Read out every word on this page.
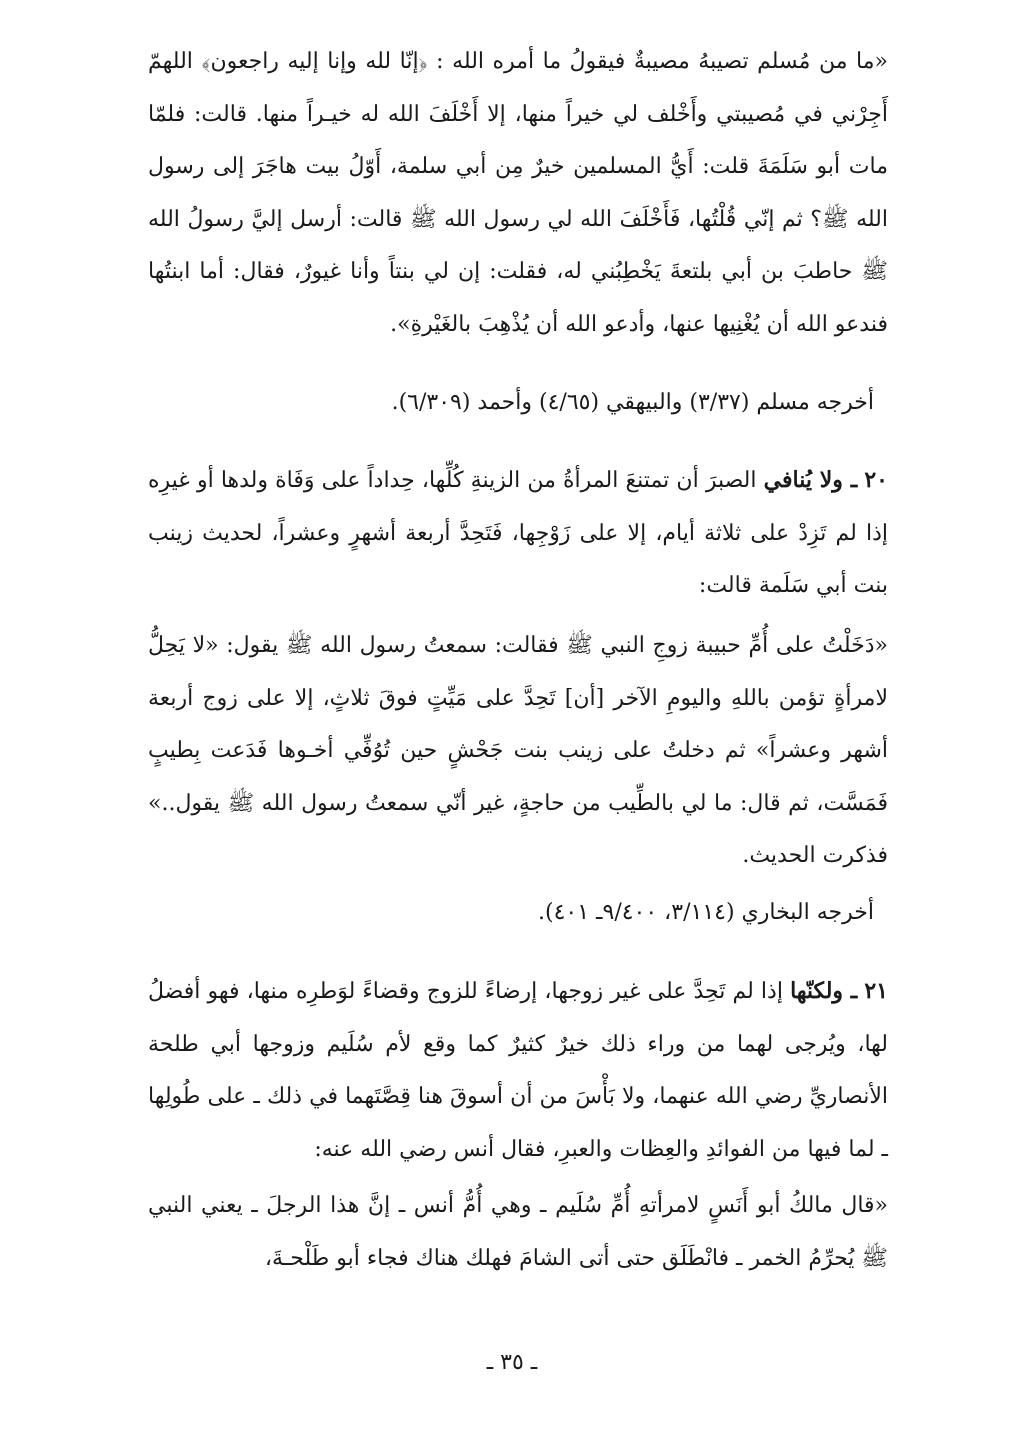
«ما من مُسلم تصيبهُ مصيبةٌ فيقولُ ما أمره الله : ﴿إنّا لله وإنا إليه راجعون﴾ اللهمّ أَجِرْني في مُصيبتي وأَخْلف لي خيراً منها، إلا أَخْلَفَ الله له خيـراً منها. قالت: فلمّا مات أبو سَلَمَةَ قلت: أَيُّ المسلمين خيرٌ مِن أبي سلمة، أَوّلُ بيت هاجَرَ إلى رسول الله ﷺ؟ ثم إنّي قُلْتُها، فَأَخْلَفَ الله لي رسول الله ﷺ قالت: أرسل إليَّ رسولُ الله ﷺ حاطبَ بن أبي بلتعةَ يَخْطِبُني له، فقلت: إن لي بنتاً وأنا غيورٌ، فقال: أما ابنتُها فندعو الله أن يُغْنِيها عنها، وأدعو الله أن يُذْهِبَ بالغَيْرةِ».

أخرجه مسلم (٣/٣٧) والبيهقي (٤/٦٥) وأحمد (٦/٣٠٩).

٢٠ ـ ولا يُنافي الصبرَ أن تمتنعَ المرأةُ من الزينةِ كُلِّها، حِداداً على وَفَاة ولدها أو غيرِه إذا لم تَزِدْ على ثلاثة أيام، إلا على زَوْجِها، فَتَحِدَّ أربعة أشهرٍ وعشراً، لحديث زينب بنت أبي سَلَمة قالت:

«دَخَلْتُ على أُمِّ حبيبة زوجِ النبي ﷺ فقالت: سمعتُ رسول الله ﷺ يقول: «لا يَحِلُّ لامرأةٍ تؤمن باللهِ واليومِ الآخر [أن] تَحِدَّ على مَيِّتٍ فوقَ ثلاثٍ، إلا على زوج أربعة أشهر وعشراً» ثم دخلتُ على زينب بنت جَحْشٍ حين تُوُفِّي أخـوها فَدَعت بِطيبٍ فَمَسَّت، ثم قال: ما لي بالطِّيب من حاجةٍ، غير أنّي سمعتُ رسول الله ﷺ يقول..» فذكرت الحديث.

أخرجه البخاري (٣/١١٤، ٩/٤٠٠ـ ٤٠١).

٢١ ـ ولكنّها إذا لم تَحِدَّ على غير زوجها، إرضاءً للزوج وقضاءً لوَطرِه منها، فهو أفضلُ لها، ويُرجى لهما من وراء ذلك خيرٌ كثيرٌ كما وقع لأم سُلَيم وزوجها أبي طلحة الأنصاريِّ رضي الله عنهما، ولا بَأْسَ من أن أسوقَ هنا قِصَّتَهما في ذلك ـ على طُولِها ـ لما فيها من الفوائدِ والعِظات والعبرِ، فقال أنس رضي الله عنه:

«قال مالكُ أبو أَنَسٍ لامرأتهِ أُمِّ سُلَيم ـ وهي أُمُّ أنس ـ إنَّ هذا الرجلَ ـ يعني النبي ﷺ يُحرِّمُ الخمر ـ فانْطَلَق حتى أتى الشامَ فهلك هناك فجاء أبو طَلْحـةَ،

ـ ٣٥ ـ
